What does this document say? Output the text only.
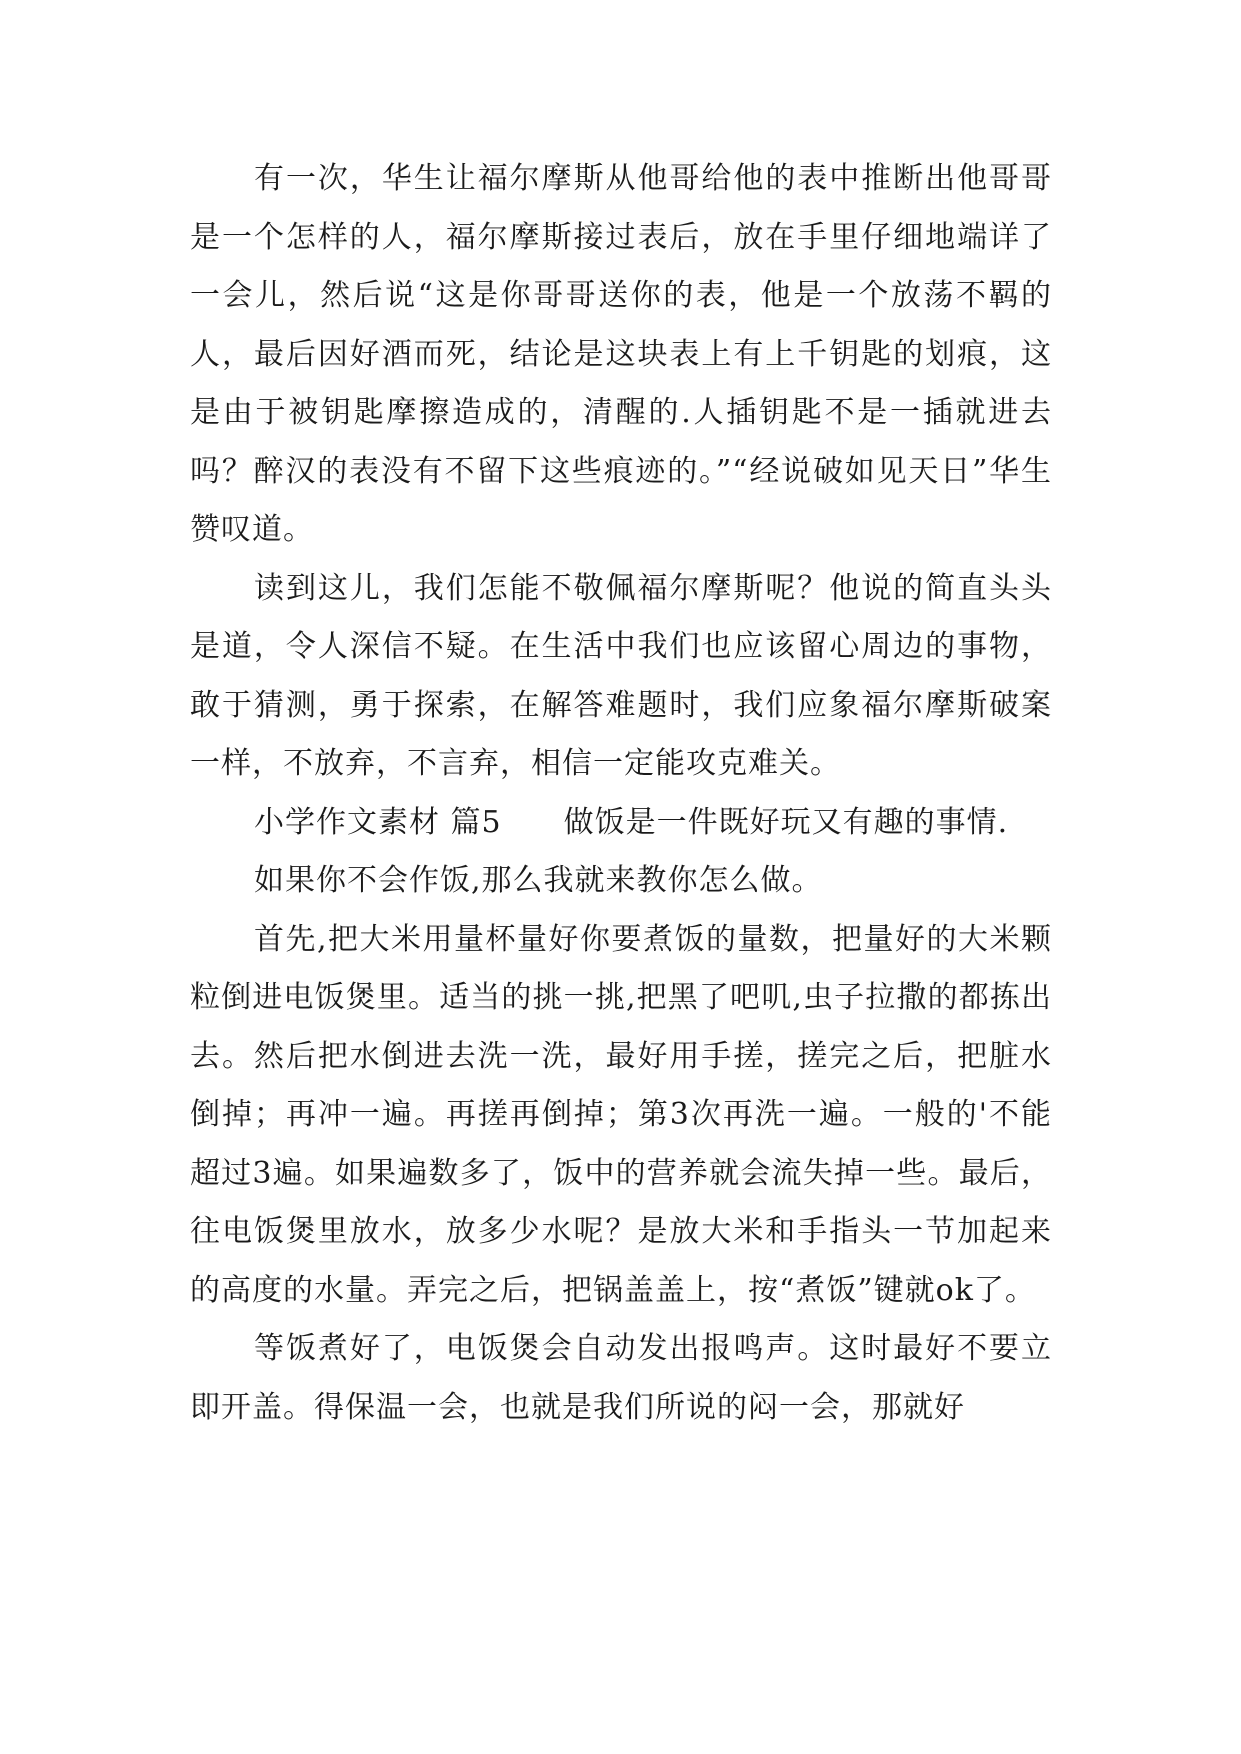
有一次，华生让福尔摩斯从他哥给他的表中推断出他哥哥是一个怎样的人，福尔摩斯接过表后，放在手里仔细地端详了一会儿，然后说“这是你哥哥送你的表，他是一个放荡不羁的人，最后因好酒而死，结论是这块表上有上千钥匙的划痕，这是由于被钥匙摩擦造成的，清醒的.人插钥匙不是一插就进去吗？醉汉的表没有不留下这些痕迹的。”“经说破如见天日”华生赞叹道。

读到这儿，我们怎能不敬佩福尔摩斯呢？他说的简直头头是道，令人深信不疑。在生活中我们也应该留心周边的事物，敢于猜测，勇于探索，在解答难题时，我们应象福尔摩斯破案一样，不放弃，不言弃，相信一定能攻克难关。

小学作文素材 篇5　　做饭是一件既好玩又有趣的事情.

如果你不会作饭,那么我就来教你怎么做。

首先,把大米用量杯量好你要煮饭的量数，把量好的大米颗粒倒进电饭煲里。适当的挑一挑,把黑了吧叽,虫子拉撒的都拣出去。然后把水倒进去洗一洗，最好用手搓，搓完之后，把脏水倒掉；再冲一遍。再搓再倒掉；第3次再洗一遍。一般的'不能超过3遍。如果遍数多了，饭中的营养就会流失掉一些。最后，往电饭煲里放水，放多少水呢？是放大米和手指头一节加起来的高度的水量。弄完之后，把锅盖盖上，按“煮饭”键就ok了。

等饭煮好了，电饭煲会自动发出报鸣声。这时最好不要立即开盖。得保温一会，也就是我们所说的闷一会，那就好
